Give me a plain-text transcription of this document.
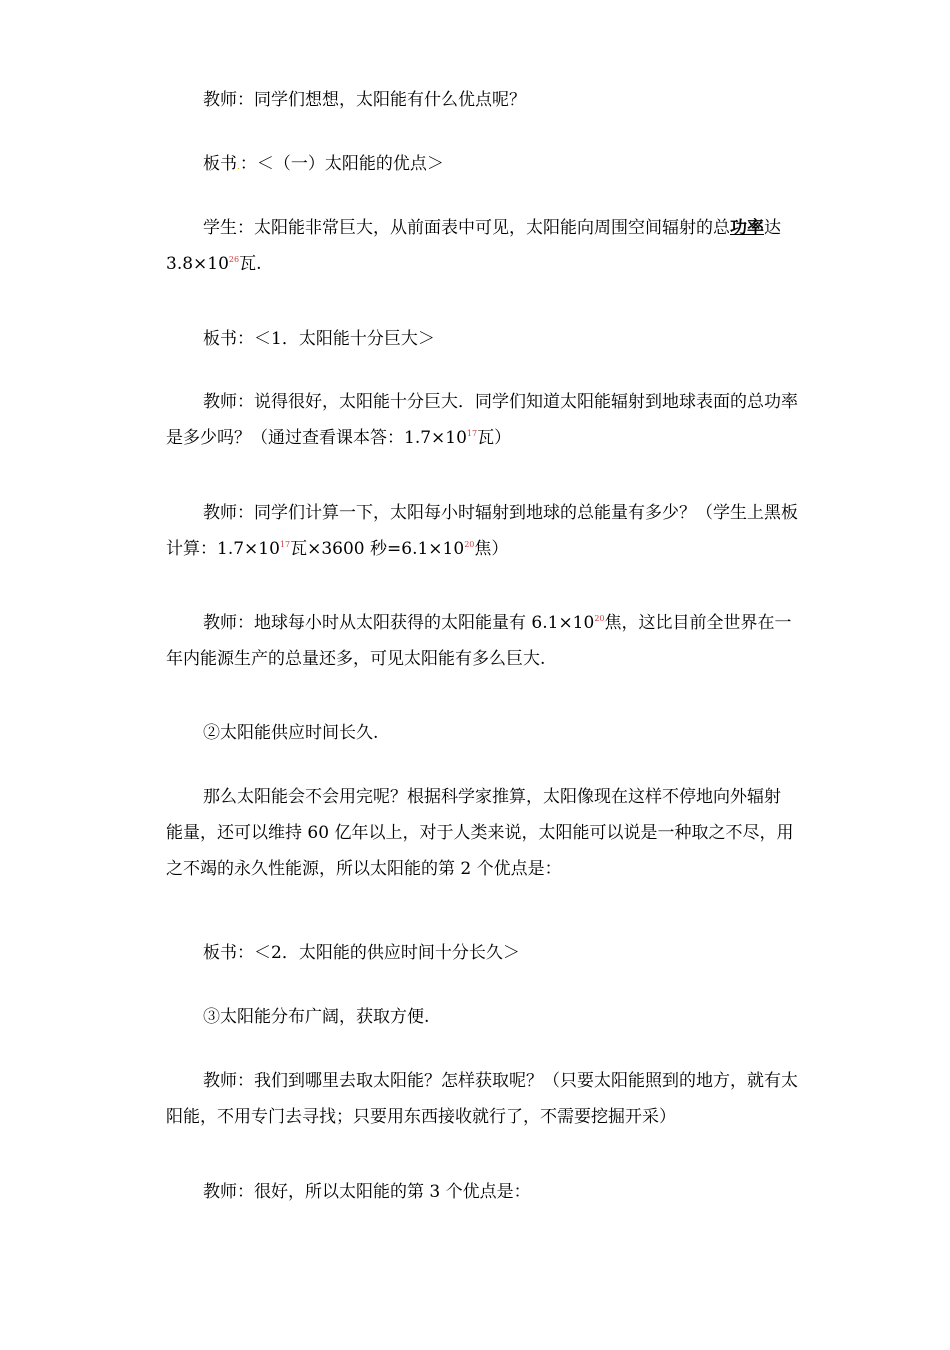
教师：同学们想想，太阳能有什么优点呢？

板书.：＜（一）太阳能的优点＞

学生：太阳能非常巨大，从前面表中可见，太阳能向周围空间辐射的总功率达
$3.8\times 10^{26}$瓦.

板书：＜1．太阳能十分巨大＞

教师：说得很好，太阳能十分巨大．同学们知道太阳能辐射到地球表面的总功率
是多少吗？（通过查看课本答：$1.7\times 10^{17}$瓦）

教师：同学们计算一下，太阳每小时辐射到地球的总能量有多少？（学生上黑板
计算：$1.7\times 10^{17}$瓦×3600 秒$=6.1\times 10^{20}$焦）

教师：地球每小时从太阳获得的太阳能量有 $6.1\times 10^{20}$焦，这比目前全世界在一
年内能源生产的总量还多，可见太阳能有多么巨大.

②太阳能供应时间长久.

那么太阳能会不会用完呢？根据科学家推算，太阳像现在这样不停地向外辐射
能量，还可以维持 60 亿年以上，对于人类来说，太阳能可以说是一种取之不尽，用
之不竭的永久性能源，所以太阳能的第 2 个优点是：

板书：＜2．太阳能的供应时间十分长久＞

③太阳能分布广阔，获取方便.

教师：我们到哪里去取太阳能？怎样获取呢？（只要太阳能照到的地方，就有太
阳能，不用专门去寻找；只要用东西接收就行了，不需要挖掘开采）

教师：很好，所以太阳能的第 3 个优点是：
